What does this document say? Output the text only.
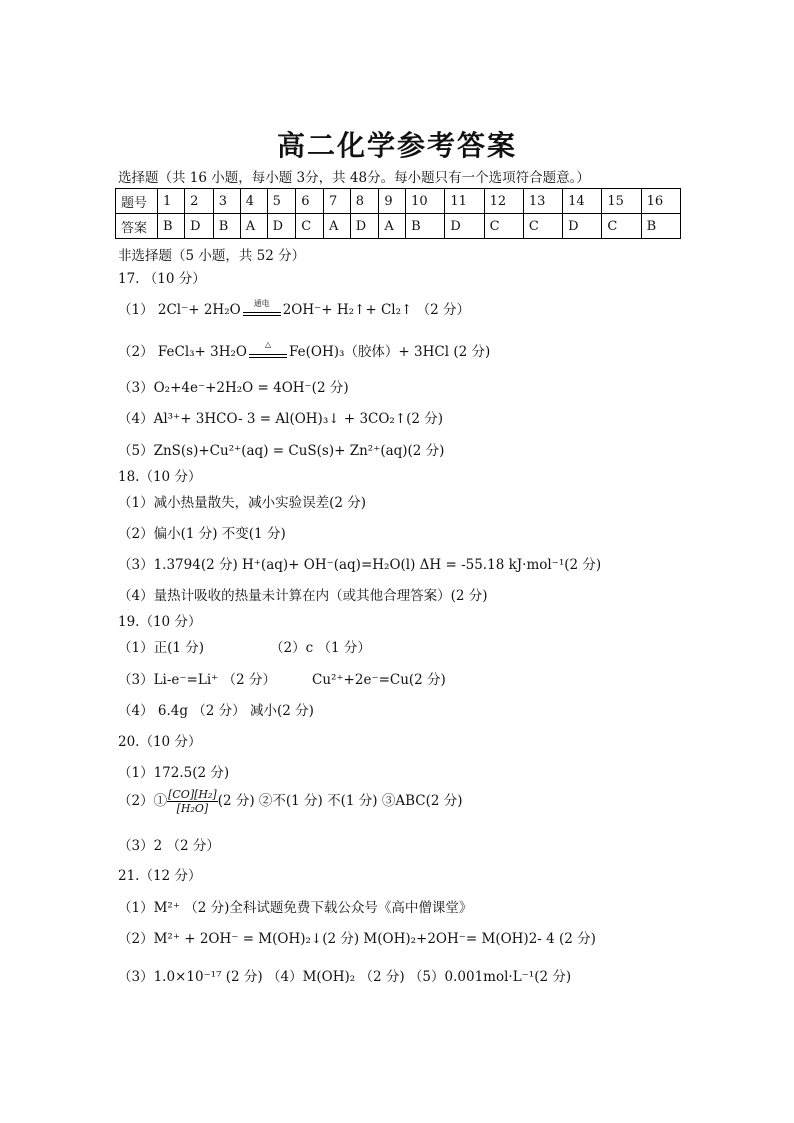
高二化学参考答案
选择题（共 16 小题，每小题 3分，共 48分。每小题只有一个选项符合题意。）
题号	1	2	3	4	5	6	7	8	9	10	11	12	13	14	15	16
答案	B	D	B	A	D	C	A	D	A	B	D	C	C	D	C	B
非选择题（5 小题，共 52 分）
17. （10 分）
（1） 2Cl⁻+ 2H₂O	通电 2OH⁻+ H₂↑+ Cl₂↑ （2 分）
（2） FeCl₃+ 3H₂O	△	Fe(OH)₃（胶体）+ 3HCl (2 分)
（3）O₂+4e⁻+2H₂O = 4OH⁻(2 分)
（4）Al³⁺+ 3HCO- 3 = Al(OH)₃↓ + 3CO₂↑(2 分)
（5）ZnS(s)+Cu²⁺(aq) = CuS(s)+ Zn²⁺(aq)(2 分)
18.（10 分）
（1）减小热量散失，减小实验误差(2 分)
（2）偏小(1 分) 不变(1 分)
（3）1.3794(2 分) H⁺(aq)+ OH⁻(aq)=H₂O(l) ΔH = -55.18 kJ·mol⁻¹(2 分)
（4）量热计吸收的热量未计算在内（或其他合理答案）(2 分)
19.（10 分）
（1）正(1 分)	（2）c （1 分）
（3）Li-e⁻=Li⁺ （2 分）	Cu²⁺+2e⁻=Cu(2 分)
（4） 6.4g （2 分） 减小(2 分)
20.（10 分）
（1）172.5(2 分)
（2）① $\frac{\text{[CO][H₂]}}{\text{[H₂O]}} (2$ 分) ②不(1 分) 不(1 分) ③ABC(2 分)
（3）2 （2 分）
21.（12 分）
（1）M²⁺ （2 分)全科试题免费下载公众号《高中僧课堂》
（2）M²⁺ + 2OH⁻ = M(OH)₂↓(2 分) M(OH)₂+2OH⁻= M(OH)2- 4 (2 分)
（3）1.0×10⁻¹⁷ (2 分) （4）M(OH)₂ （2 分) （5）0.001mol·L⁻¹(2 分)
